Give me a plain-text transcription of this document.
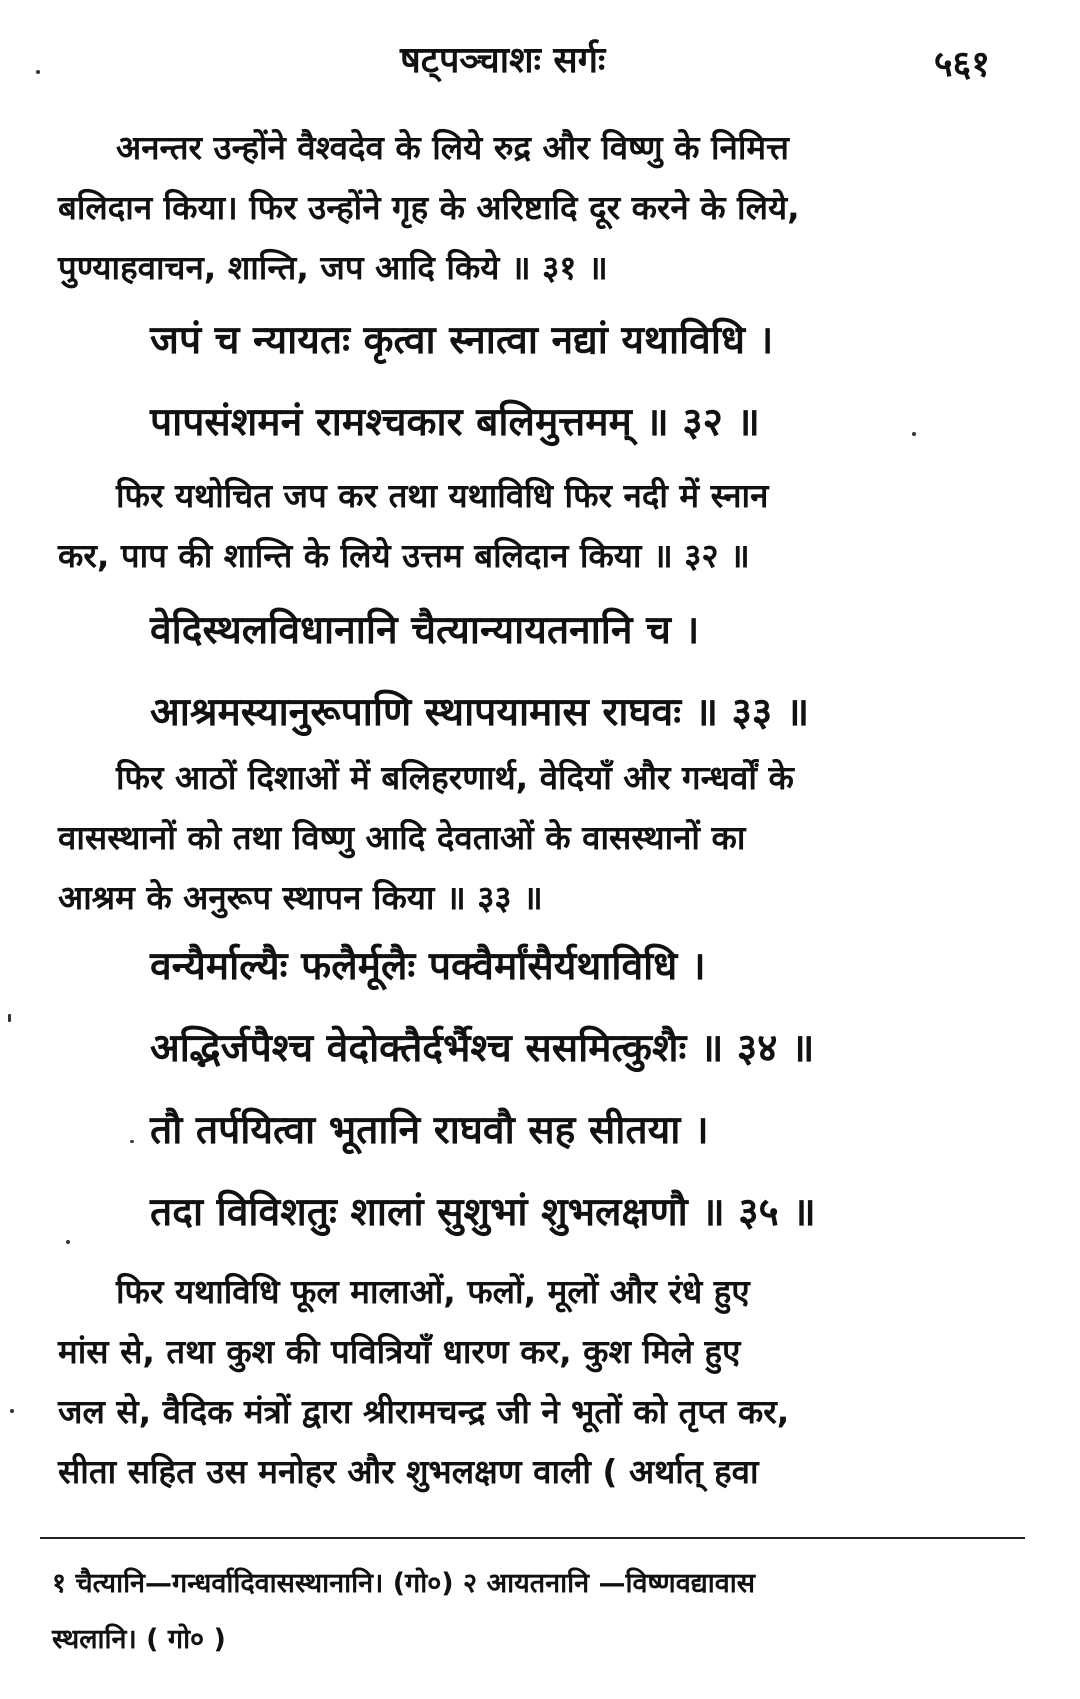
षट्पञ्चाशः सर्गः	५६१
अनन्तर उन्होंने वैश्वदेव के लिये रुद्र और विष्णु के निमित्त
बलिदान किया। फिर उन्होंने गृह के अरिष्टादि दूर करने के लिये,
पुण्याहवाचन, शान्ति, जप आदि किये ॥ ३१ ॥
जपं च न्यायतः कृत्वा स्नात्वा नद्यां यथाविधि ।
पापसंशमनं रामश्चकार बलिमुत्तमम् ॥ ३२ ॥
फिर यथोचित जप कर तथा यथाविधि फिर नदी में स्नान
कर, पाप की शान्ति के लिये उत्तम बलिदान किया ॥ ३२ ॥
वेदिस्थलविधानानि चैत्यान्यायतनानि च ।
आश्रमस्यानुरूपाणि स्थापयामास राघवः ॥ ३३ ॥
फिर आठों दिशाओं में बलिहरणार्थ, वेदियाँ और गन्धर्वों के
वासस्थानों को तथा विष्णु आदि देवताओं के वासस्थानों का
आश्रम के अनुरूप स्थापन किया ॥ ३३ ॥
वन्यैर्माल्यैः फलैर्मूलैः पक्वैर्मांसैर्यथाविधि ।
अद्भिर्जपैश्च वेदोक्तैर्दर्भैश्च ससमित्कुशैः ॥ ३४ ॥
तौ तर्पयित्वा भूतानि राघवौ सह सीतया ।
तदा विविशतुः शालां सुशुभां शुभलक्षणौ ॥ ३५ ॥
फिर यथाविधि फूल मालाओं, फलों, मूलों और रंधे हुए
मांस से, तथा कुश की पवित्रियाँ धारण कर, कुश मिले हुए
जल से, वैदिक मंत्रों द्वारा श्रीरामचन्द्र जी ने भूतों को तृप्त कर,
सीता सहित उस मनोहर और शुभलक्षण वाली ( अर्थात् हवा
१ चैत्यानि—गन्धर्वादिवासस्थानानि। (गो०) २ आयतनानि —विष्णवद्यावास
स्थलानि। ( गो० )
